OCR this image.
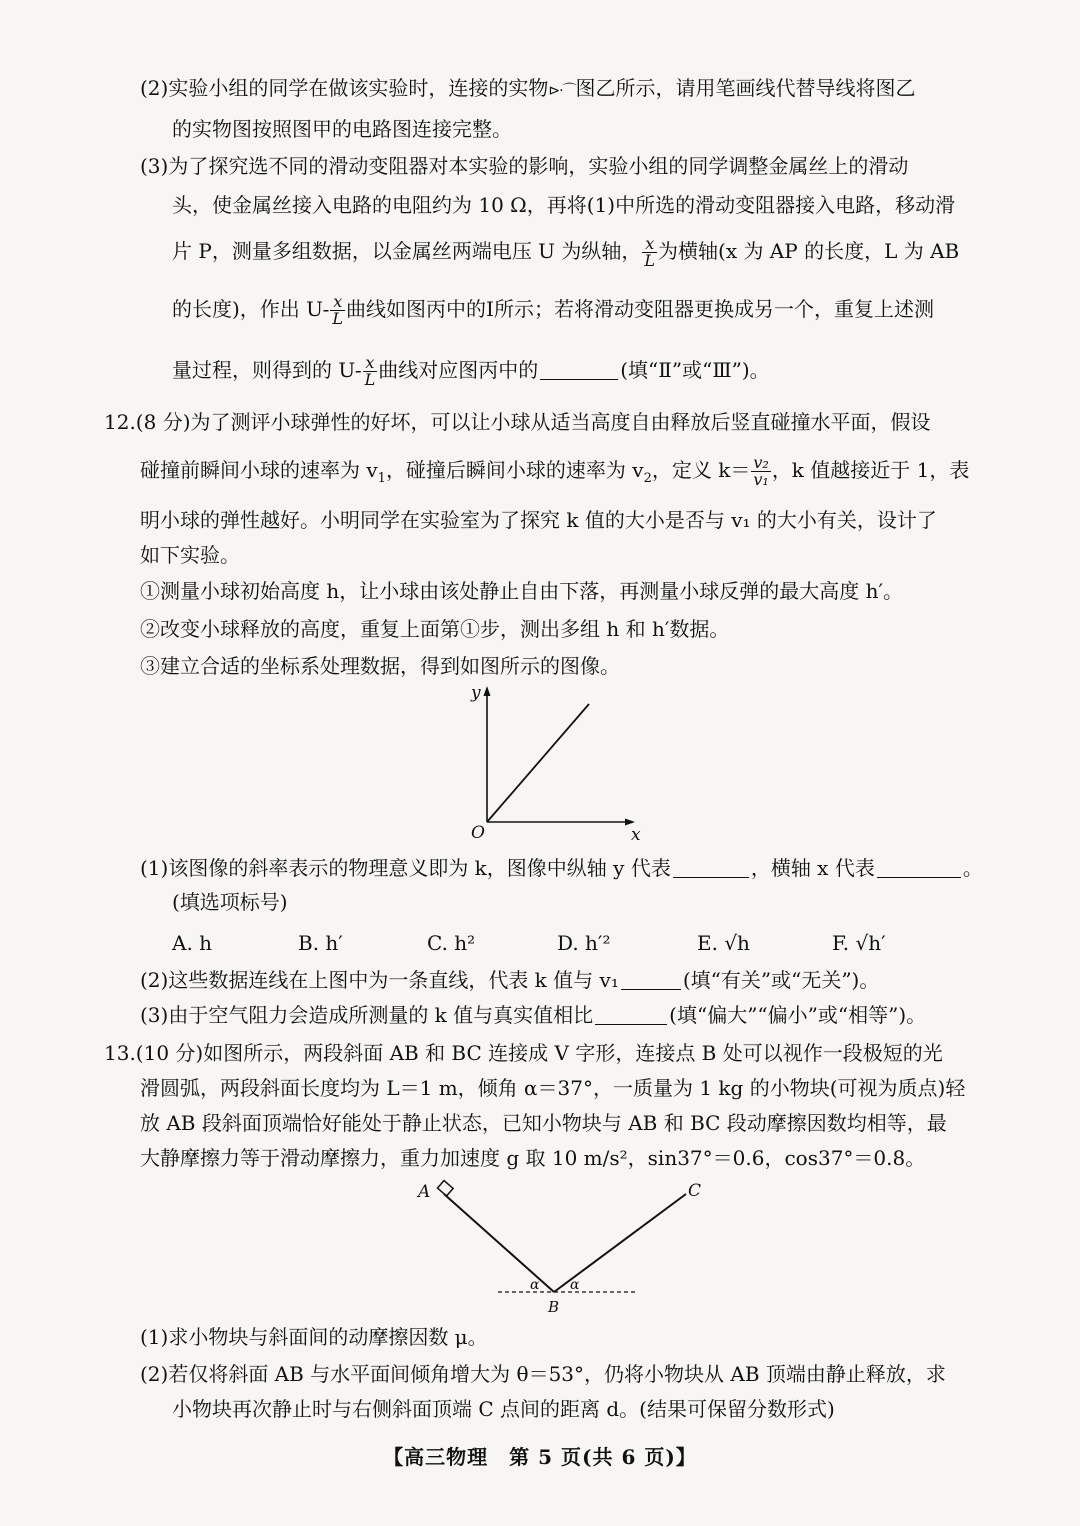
(2)实验小组的同学在做该实验时，连接的实物⊳·⌒图乙所示，请用笔画线代替导线将图乙
的实物图按照图甲的电路图连接完整。
(3)为了探究选不同的滑动变阻器对本实验的影响，实验小组的同学调整金属丝上的滑动
头，使金属丝接入电路的电阻约为 10 Ω，再将(1)中所选的滑动变阻器接入电路，移动滑
片 P，测量多组数据，以金属丝两端电压 U 为纵轴， $\frac{x}{L}$ 为横轴(x 为 AP 的长度，L 为 AB
的长度)，作出 $U- \frac{x}{L}$ 曲线如图丙中的Ⅰ所示；若将滑动变阻器更换成另一个，重复上述测
量过程，则得到的 $U- \frac{x}{L}$ 曲线对应图丙中的	(填“Ⅱ”或“Ⅲ”)。
12.(8 分)为了测评小球弹性的好坏，可以让小球从适当高度自由释放后竖直碰撞水平面，假设
碰撞前瞬间小球的速率为 $v_1$，碰撞后瞬间小球的速率为 $v_2$，定义 $k= \frac{\text{v₂}}{\text{v₁}}$ ，k 值越接近于 1，表
明小球的弹性越好。小明同学在实验室为了探究 k 值的大小是否与 v₁ 的大小有关，设计了
如下实验。
①测量小球初始高度 h，让小球由该处静止自由下落，再测量小球反弹的最大高度 h′。
②改变小球释放的高度，重复上面第①步，测出多组 h 和 h′数据。
③建立合适的坐标系处理数据，得到如图所示的图像。
y
x
O
(1)该图像的斜率表示的物理意义即为 k，图像中纵轴 y 代表	，横轴 x 代表	。
(填选项标号)
A. h	B. h′	C. h²	D. h′²	E. √h	F. √h′
(2)这些数据连线在上图中为一条直线，代表 k 值与 v₁	(填“有关”或“无关”)。
(3)由于空气阻力会造成所测量的 k 值与真实值相比	(填“偏大”“偏小”或“相等”)。
13.(10 分)如图所示，两段斜面 AB 和 BC 连接成 V 字形，连接点 B 处可以视作一段极短的光
滑圆弧，两段斜面长度均为 L＝1 m，倾角 α＝37°，一质量为 1 kg 的小物块(可视为质点)轻
放 AB 段斜面顶端恰好能处于静止状态，已知小物块与 AB 和 BC 段动摩擦因数均相等，最
大静摩擦力等于滑动摩擦力，重力加速度 g 取 10 m/s²，sin37°＝0.6，cos37°＝0.8。
A	C
B
α α
(1)求小物块与斜面间的动摩擦因数 μ。
(2)若仅将斜面 AB 与水平面间倾角增大为 θ＝53°，仍将小物块从 AB 顶端由静止释放，求
小物块再次静止时与右侧斜面顶端 C 点间的距离 d。(结果可保留分数形式)
【高三物理　第 5 页(共 6 页)】
